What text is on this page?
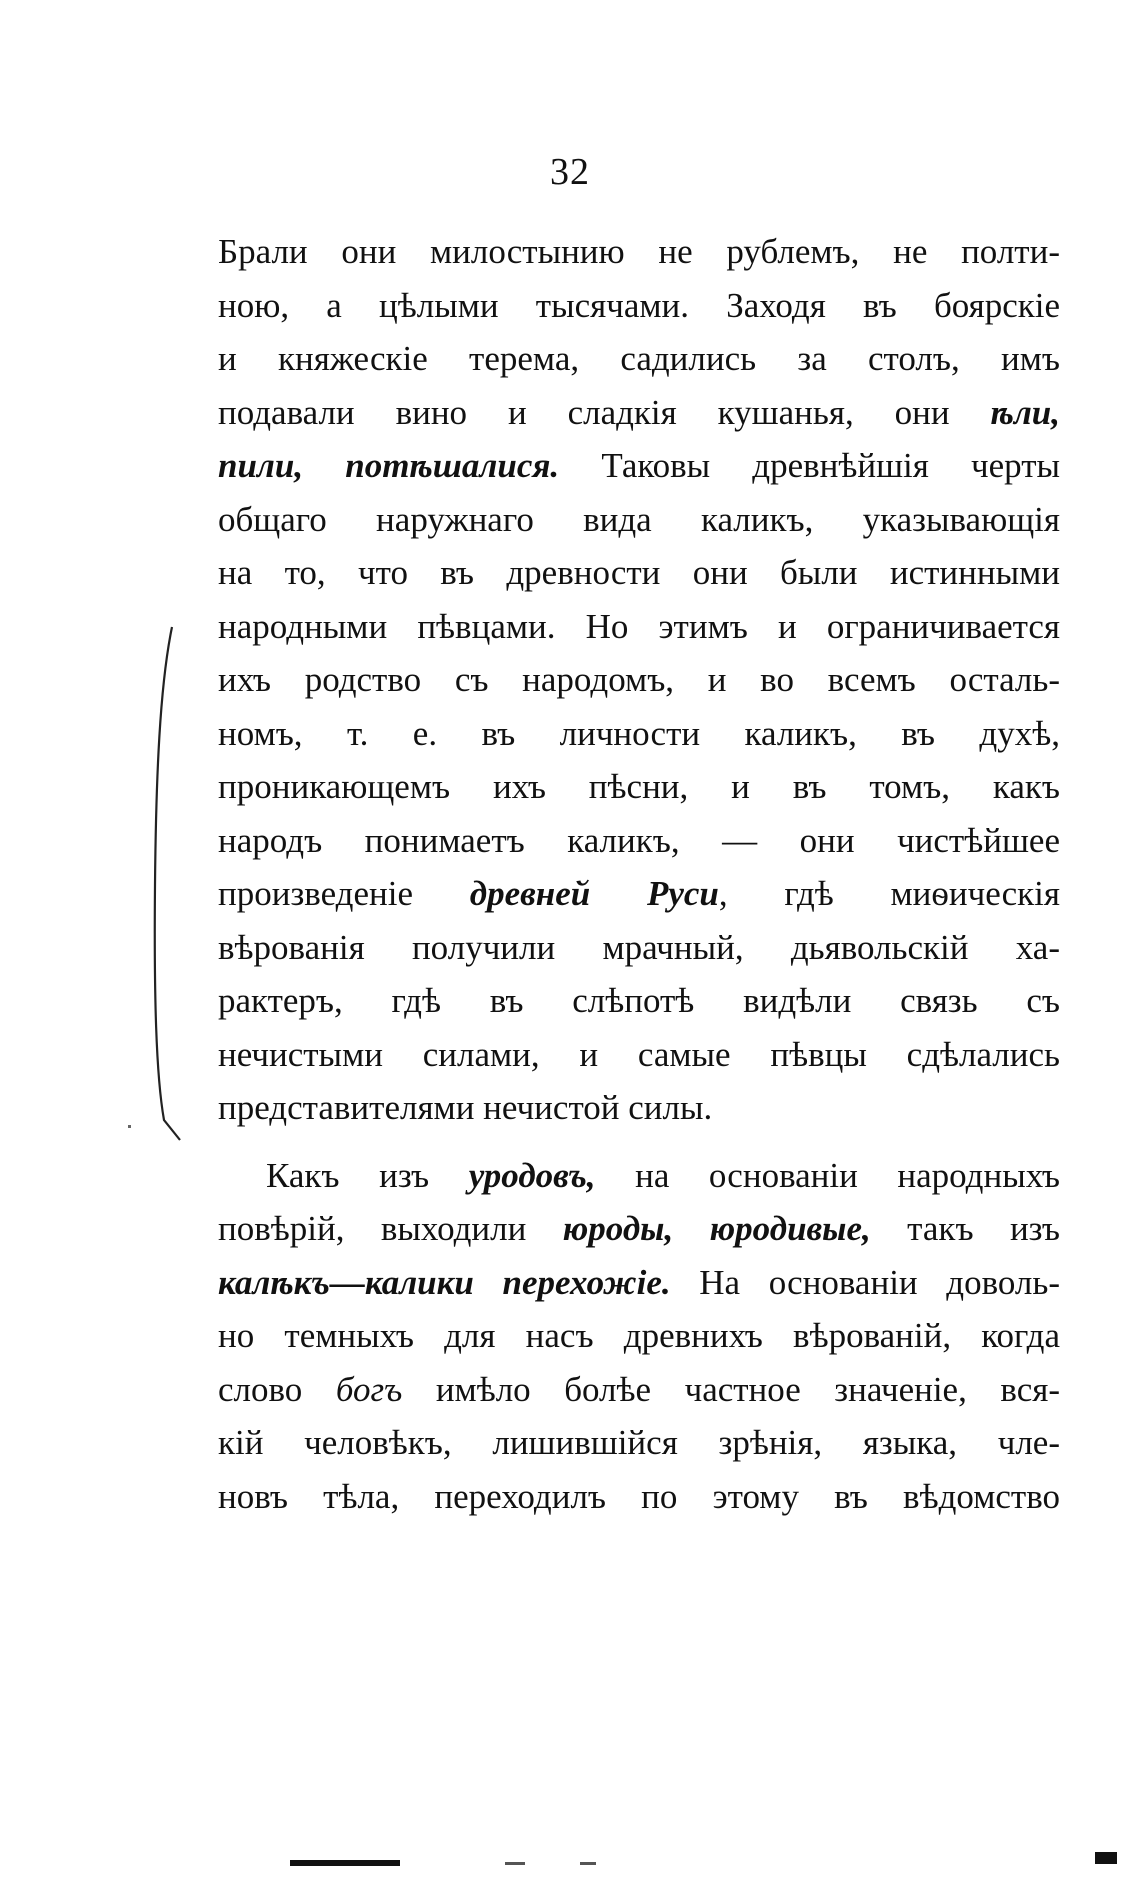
32
Брали они милостынию не рублемъ, не полти-
ною, а цѣлыми тысячами. Заходя въ боярскіе
и княжескіе терема, садились за столъ, имъ
подавали вино и сладкія кушанья, они ѣли,
пили, потѣшалися. Таковы древнѣйшія черты
общаго наружнаго вида каликъ, указывающія
на то, что въ древности они были истинными
народными пѣвцами. Но этимъ и ограничивается
ихъ родство съ народомъ, и во всемъ осталь-
номъ, т. е. въ личности каликъ, въ духѣ,
проникающемъ ихъ пѣсни, и въ томъ, какъ
народъ понимаетъ каликъ, — они чистѣйшее
произведеніе древней Руси, гдѣ миѳическія
вѣрованія получили мрачный, дьявольскій ха-
рактеръ, гдѣ въ слѣпотѣ видѣли связь съ
нечистыми силами, и самые пѣвцы сдѣлались
представителями нечистой силы.
Какъ изъ уродовъ, на основаніи народныхъ
повѣрій, выходили юроды, юродивые, такъ изъ
калѣкъ—калики перехожіе. На основаніи доволь-
но темныхъ для насъ древнихъ вѣрованій, когда
слово богъ имѣло болѣе частное значеніе, вся-
кій человѣкъ, лишившійся зрѣнія, языка, чле-
новъ тѣла, переходилъ по этому въ вѣдомство
